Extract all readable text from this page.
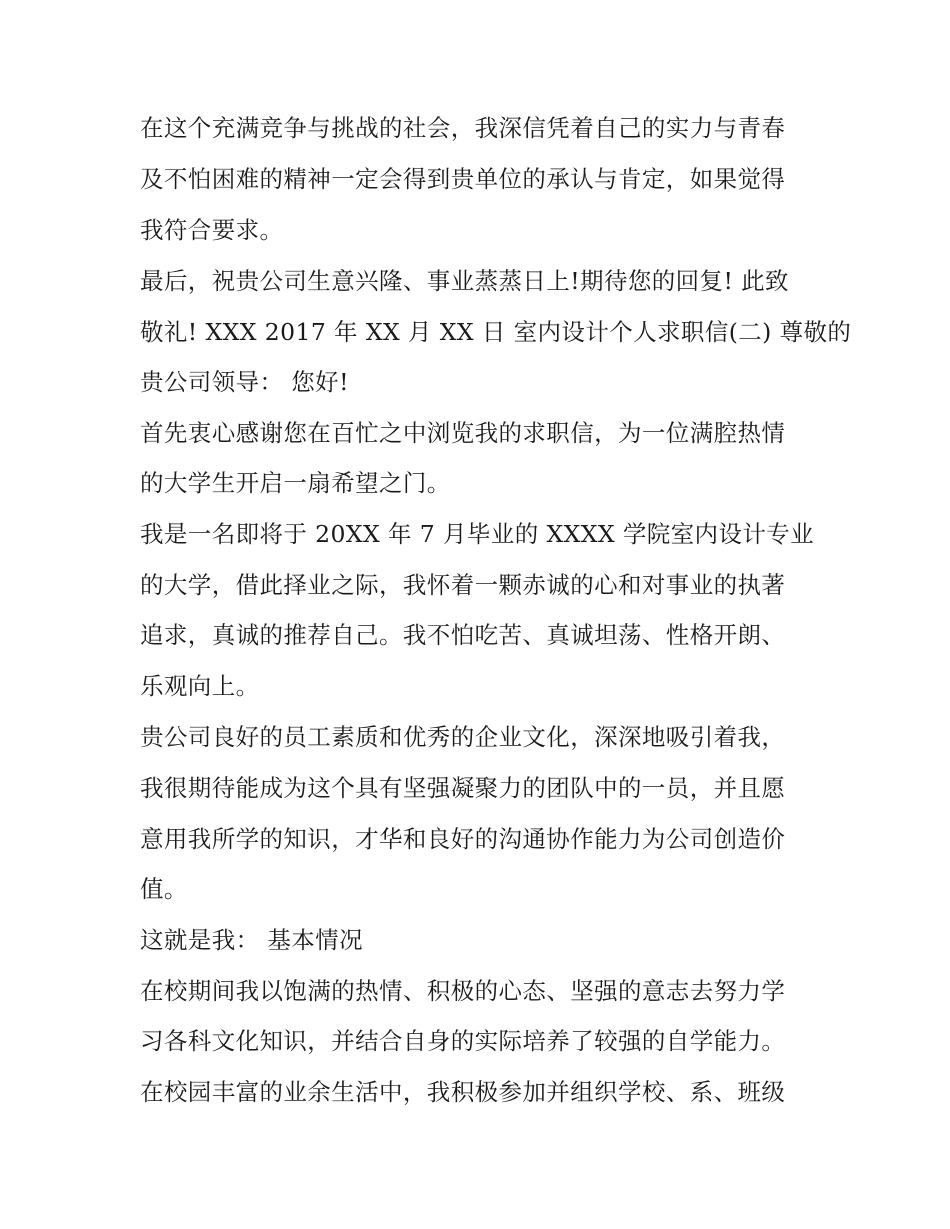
在这个充满竞争与挑战的社会，我深信凭着自己的实力与青春
及不怕困难的精神一定会得到贵单位的承认与肯定，如果觉得
我符合要求。
最后，祝贵公司生意兴隆、事业蒸蒸日上!期待您的回复! 此致
敬礼! XXX 2017 年 XX 月 XX 日 室内设计个人求职信(二) 尊敬的
贵公司领导： 您好!
首先衷心感谢您在百忙之中浏览我的求职信，为一位满腔热情
的大学生开启一扇希望之门。
我是一名即将于 20XX 年 7 月毕业的 XXXX 学院室内设计专业
的大学，借此择业之际，我怀着一颗赤诚的心和对事业的执著
追求，真诚的推荐自己。我不怕吃苦、真诚坦荡、性格开朗、
乐观向上。
贵公司良好的员工素质和优秀的企业文化，深深地吸引着我，
我很期待能成为这个具有坚强凝聚力的团队中的一员，并且愿
意用我所学的知识，才华和良好的沟通协作能力为公司创造价
值。
这就是我： 基本情况
在校期间我以饱满的热情、积极的心态、坚强的意志去努力学
习各科文化知识，并结合自身的实际培养了较强的自学能力。
在校园丰富的业余生活中，我积极参加并组织学校、系、班级
